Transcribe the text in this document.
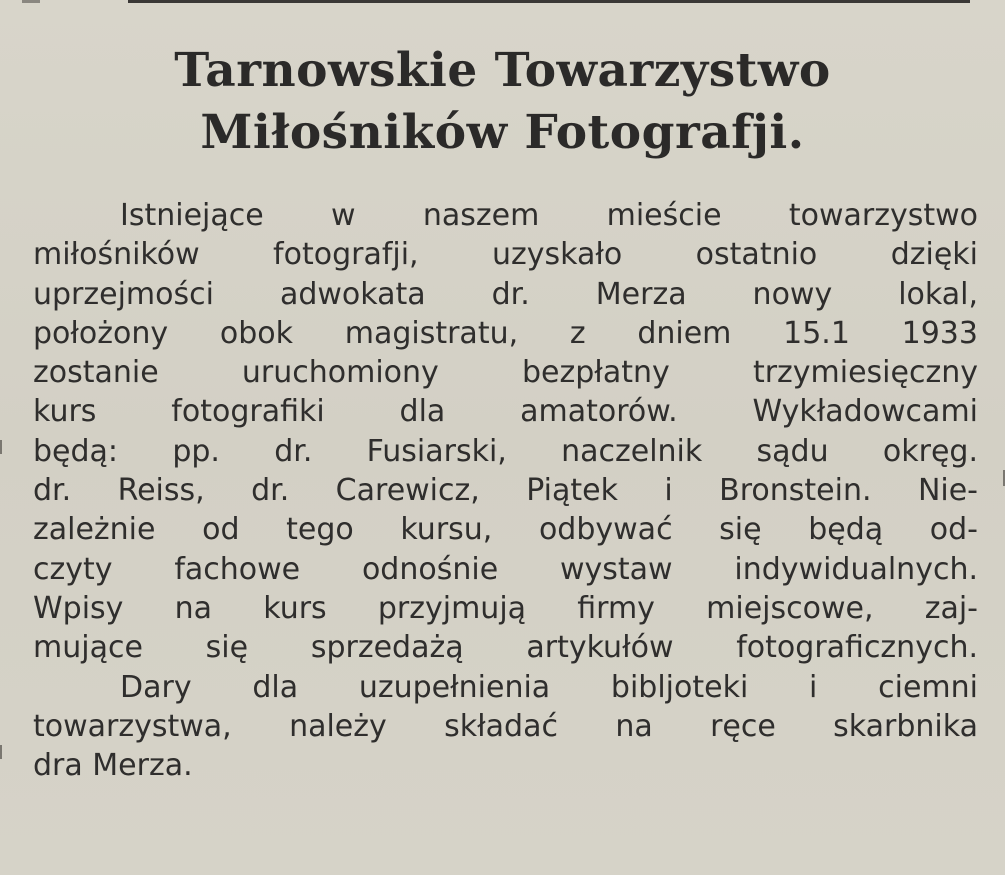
Tarnowskie Towarzystwo
Miłośników Fotografji.
Istniejące w naszem mieście towarzystwo
miłośników fotografji, uzyskało ostatnio dzięki
uprzejmości adwokata dr. Merza nowy lokal,
położony obok magistratu, z dniem 15.1 1933
zostanie uruchomiony bezpłatny trzymiesięczny
kurs fotografiki dla amatorów. Wykładowcami
będą: pp. dr. Fusiarski, naczelnik sądu okręg.
dr. Reiss, dr. Carewicz, Piątek i Bronstein. Nie-
zależnie od tego kursu, odbywać się będą od-
czyty fachowe odnośnie wystaw indywidualnych.
Wpisy na kurs przyjmują firmy miejscowe, zaj-
mujące się sprzedażą artykułów fotograficznych.
Dary dla uzupełnienia bibljoteki i ciemni
towarzystwa, należy składać na ręce skarbnika
dra Merza.
